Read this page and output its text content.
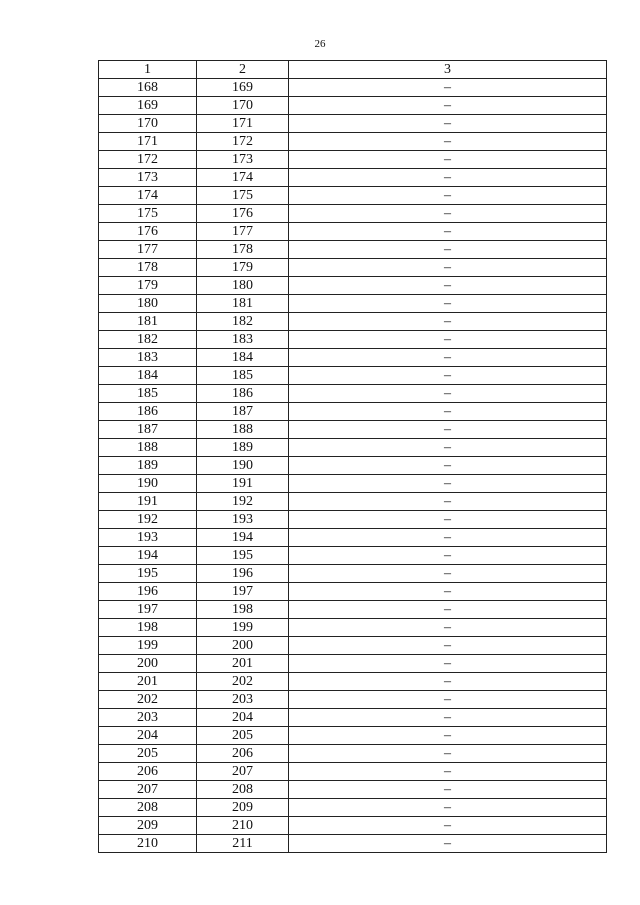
26
1	2	3
168	169	–
169	170	–
170	171	–
171	172	–
172	173	–
173	174	–
174	175	–
175	176	–
176	177	–
177	178	–
178	179	–
179	180	–
180	181	–
181	182	–
182	183	–
183	184	–
184	185	–
185	186	–
186	187	–
187	188	–
188	189	–
189	190	–
190	191	–
191	192	–
192	193	–
193	194	–
194	195	–
195	196	–
196	197	–
197	198	–
198	199	–
199	200	–
200	201	–
201	202	–
202	203	–
203	204	–
204	205	–
205	206	–
206	207	–
207	208	–
208	209	–
209	210	–
210	211	–
